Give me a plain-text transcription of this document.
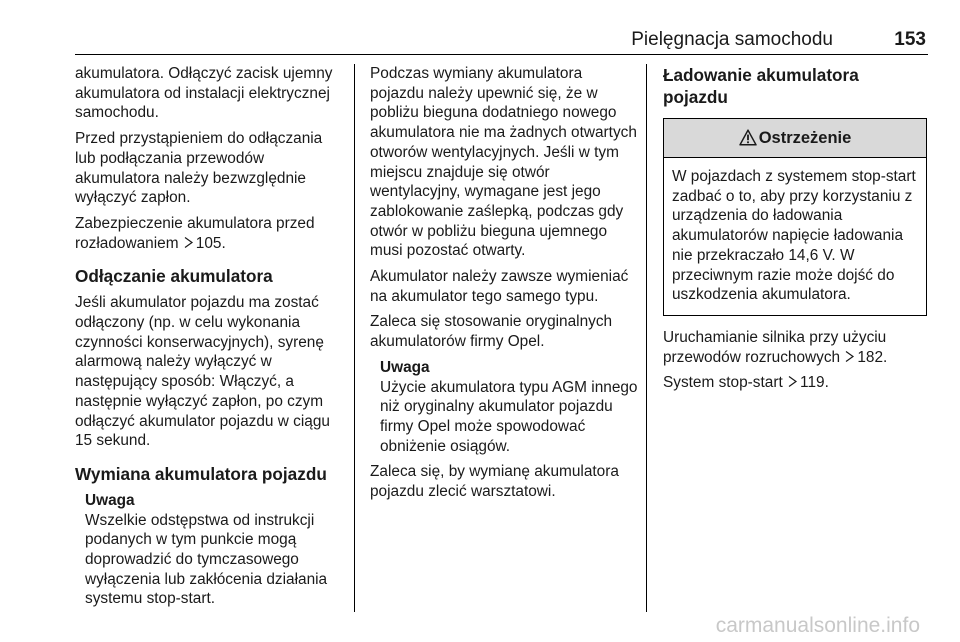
Pielęgnacja samochodu	153

akumulatora. Odłączyć zacisk ujemny akumulatora od instalacji elektrycznej samochodu.

Przed przystąpieniem do odłączania lub podłączania przewodów akumulatora należy bezwzględnie wyłączyć zapłon.

Zabezpieczenie akumulatora przed rozładowaniem 105.

Odłączanie akumulatora

Jeśli akumulator pojazdu ma zostać odłączony (np. w celu wykonania czynności konserwacyjnych), syrenę alarmową należy wyłączyć w następujący sposób: Włączyć, a następnie wyłączyć zapłon, po czym odłączyć akumulator pojazdu w ciągu 15 sekund.

Wymiana akumulatora pojazdu
Uwaga
Wszelkie odstępstwa od instrukcji podanych w tym punkcie mogą doprowadzić do tymczasowego wyłączenia lub zakłócenia działania systemu stop-start.

Podczas wymiany akumulatora pojazdu należy upewnić się, że w pobliżu bieguna dodatniego nowego akumulatora nie ma żadnych otwartych otworów wentylacyjnych. Jeśli w tym miejscu znajduje się otwór wentylacyjny, wymagane jest jego zablokowanie zaślepką, podczas gdy otwór w pobliżu bieguna ujemnego musi pozostać otwarty.

Akumulator należy zawsze wymieniać na akumulator tego samego typu.

Zaleca się stosowanie oryginalnych akumulatorów firmy Opel.

Uwaga
Użycie akumulatora typu AGM innego niż oryginalny akumulator pojazdu firmy Opel może spowodować obniżenie osiągów.

Zaleca się, by wymianę akumulatora pojazdu zlecić warsztatowi.

Ładowanie akumulatora pojazdu
Ostrzeżenie
W pojazdach z systemem stop-start zadbać o to, aby przy korzystaniu z urządzenia do ładowania akumulatorów napięcie ładowania nie przekraczało 14,6 V. W przeciwnym razie może dojść do uszkodzenia akumulatora.

Uruchamianie silnika przy użyciu przewodów rozruchowych 182.

System stop-start 119.

carmanualsonline.info
